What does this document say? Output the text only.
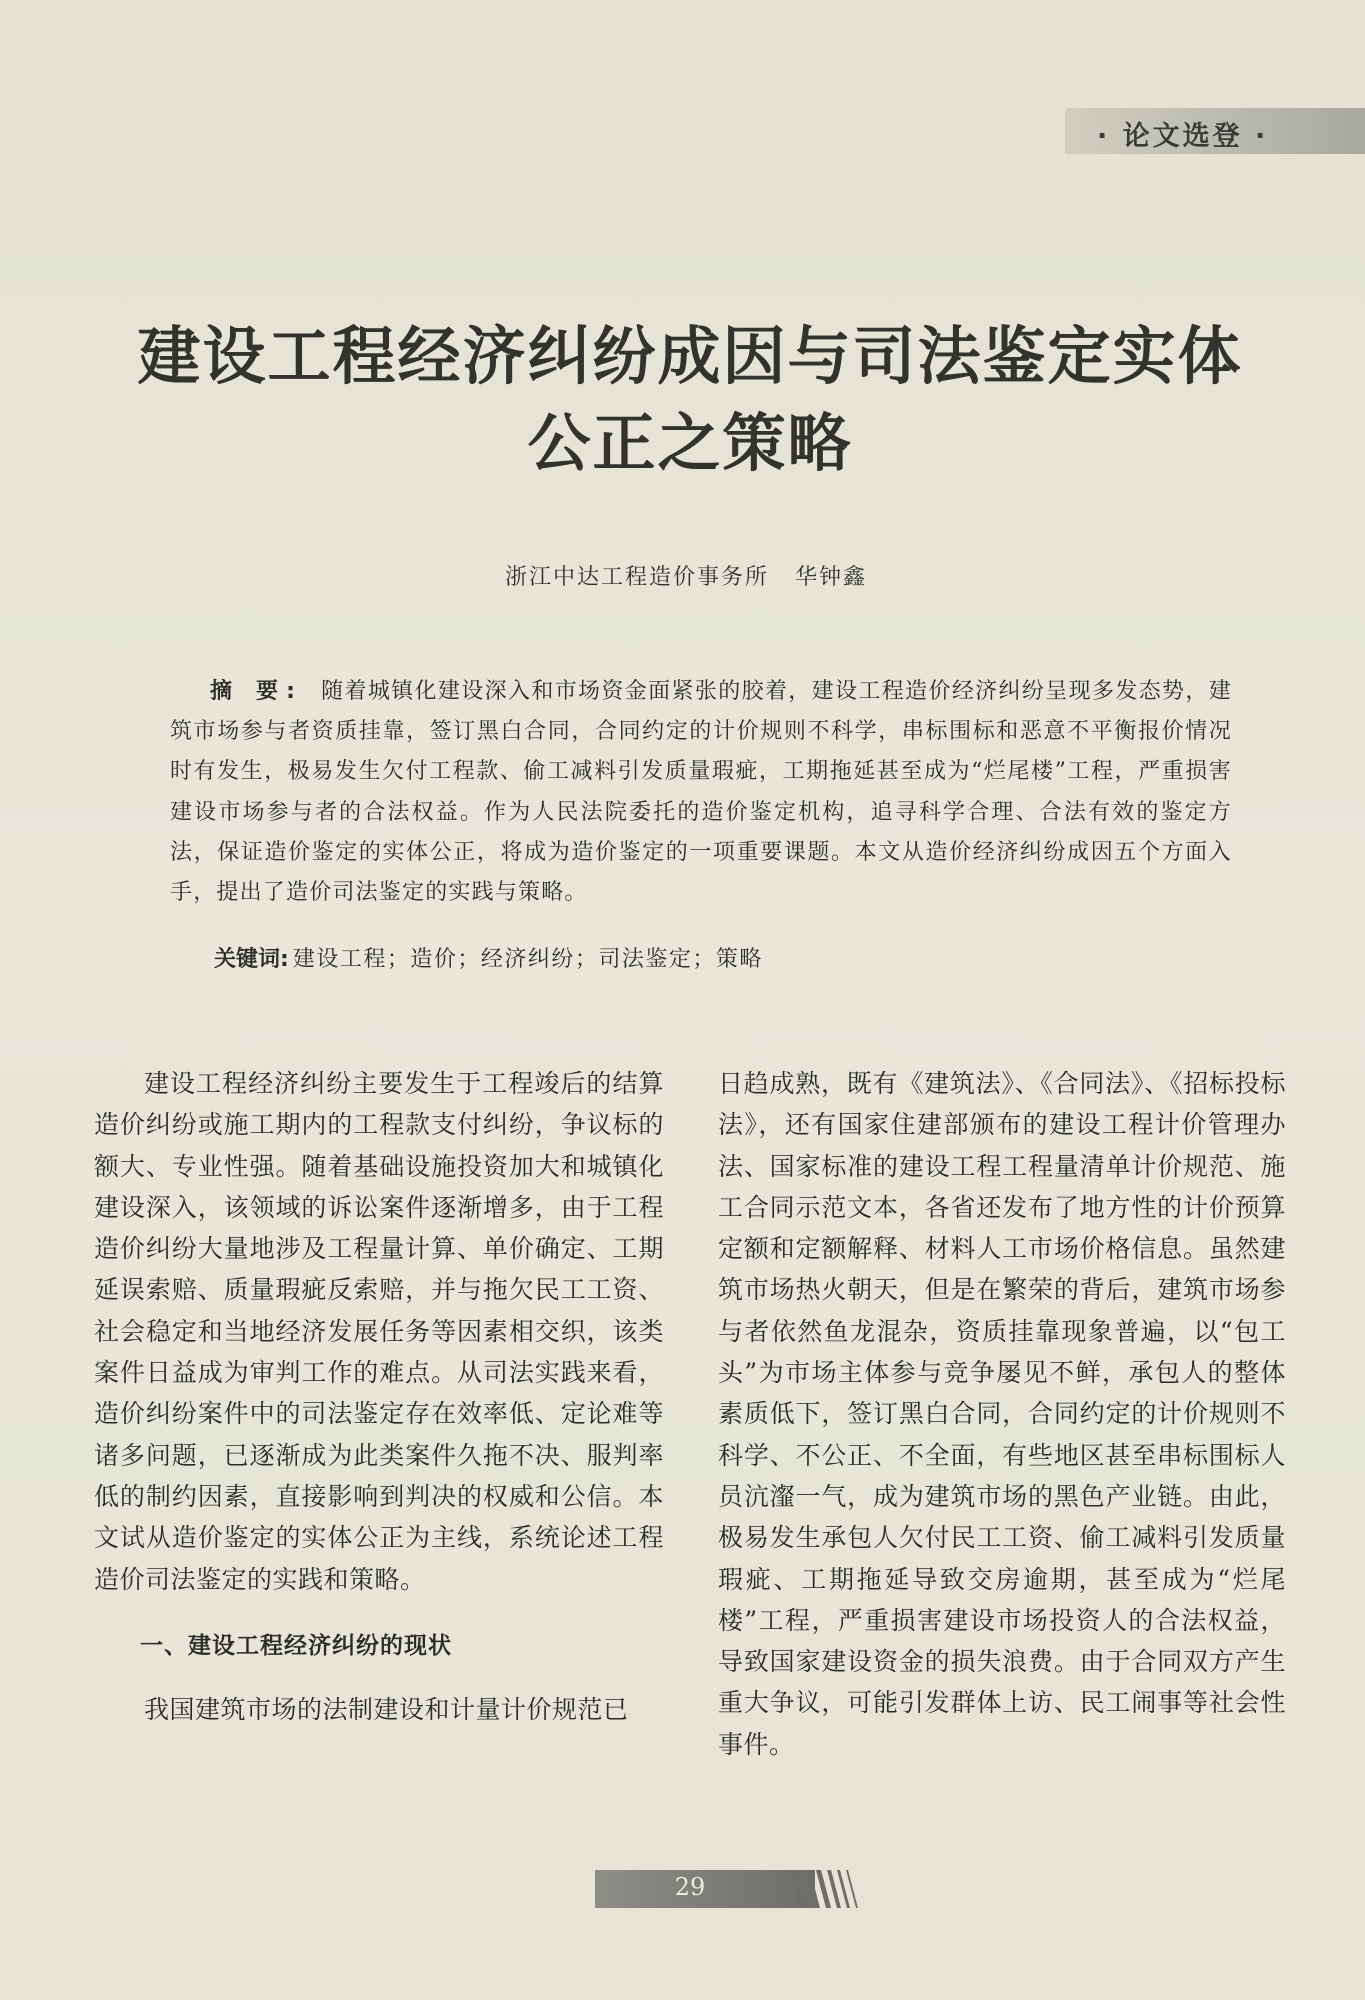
· 论文选登 ·
建设工程经济纠纷成因与司法鉴定实体
公正之策略
浙江中达工程造价事务所 华钟鑫

摘 要: 随着城镇化建设深入和市场资金面紧张的胶着，建设工程造价经济纠纷呈现多发态势，建筑市场参与者资质挂靠，签订黑白合同，合同约定的计价规则不科学，串标围标和恶意不平衡报价情况时有发生，极易发生欠付工程款、偷工减料引发质量瑕疵，工期拖延甚至成为“烂尾楼”工程，严重损害建设市场参与者的合法权益。作为人民法院委托的造价鉴定机构，追寻科学合理、合法有效的鉴定方法，保证造价鉴定的实体公正，将成为造价鉴定的一项重要课题。本文从造价经济纠纷成因五个方面入手，提出了造价司法鉴定的实践与策略。

关键词: 建设工程；造价；经济纠纷；司法鉴定；策略

建设工程经济纠纷主要发生于工程竣后的结算造价纠纷或施工期内的工程款支付纠纷，争议标的额大、专业性强。随着基础设施投资加大和城镇化建设深入，该领域的诉讼案件逐渐增多，由于工程造价纠纷大量地涉及工程量计算、单价确定、工期延误索赔、质量瑕疵反索赔，并与拖欠民工工资、社会稳定和当地经济发展任务等因素相交织，该类案件日益成为审判工作的难点。从司法实践来看，造价纠纷案件中的司法鉴定存在效率低、定论难等诸多问题，已逐渐成为此类案件久拖不决、服判率低的制约因素，直接影响到判决的权威和公信。本文试从造价鉴定的实体公正为主线，系统论述工程造价司法鉴定的实践和策略。

一、建设工程经济纠纷的现状

我国建筑市场的法制建设和计量计价规范已

日趋成熟，既有《建筑法》、《合同法》、《招标投标法》，还有国家住建部颁布的建设工程计价管理办法、国家标准的建设工程工程量清单计价规范、施工合同示范文本，各省还发布了地方性的计价预算定额和定额解释、材料人工市场价格信息。虽然建筑市场热火朝天，但是在繁荣的背后，建筑市场参与者依然鱼龙混杂，资质挂靠现象普遍，以“包工头”为市场主体参与竞争屡见不鲜，承包人的整体素质低下，签订黑白合同，合同约定的计价规则不科学、不公正、不全面，有些地区甚至串标围标人员沆瀣一气，成为建筑市场的黑色产业链。由此，极易发生承包人欠付民工工资、偷工减料引发质量瑕疵、工期拖延导致交房逾期，甚至成为“烂尾楼”工程，严重损害建设市场投资人的合法权益，导致国家建设资金的损失浪费。由于合同双方产生重大争议，可能引发群体上访、民工闹事等社会性事件。

29
